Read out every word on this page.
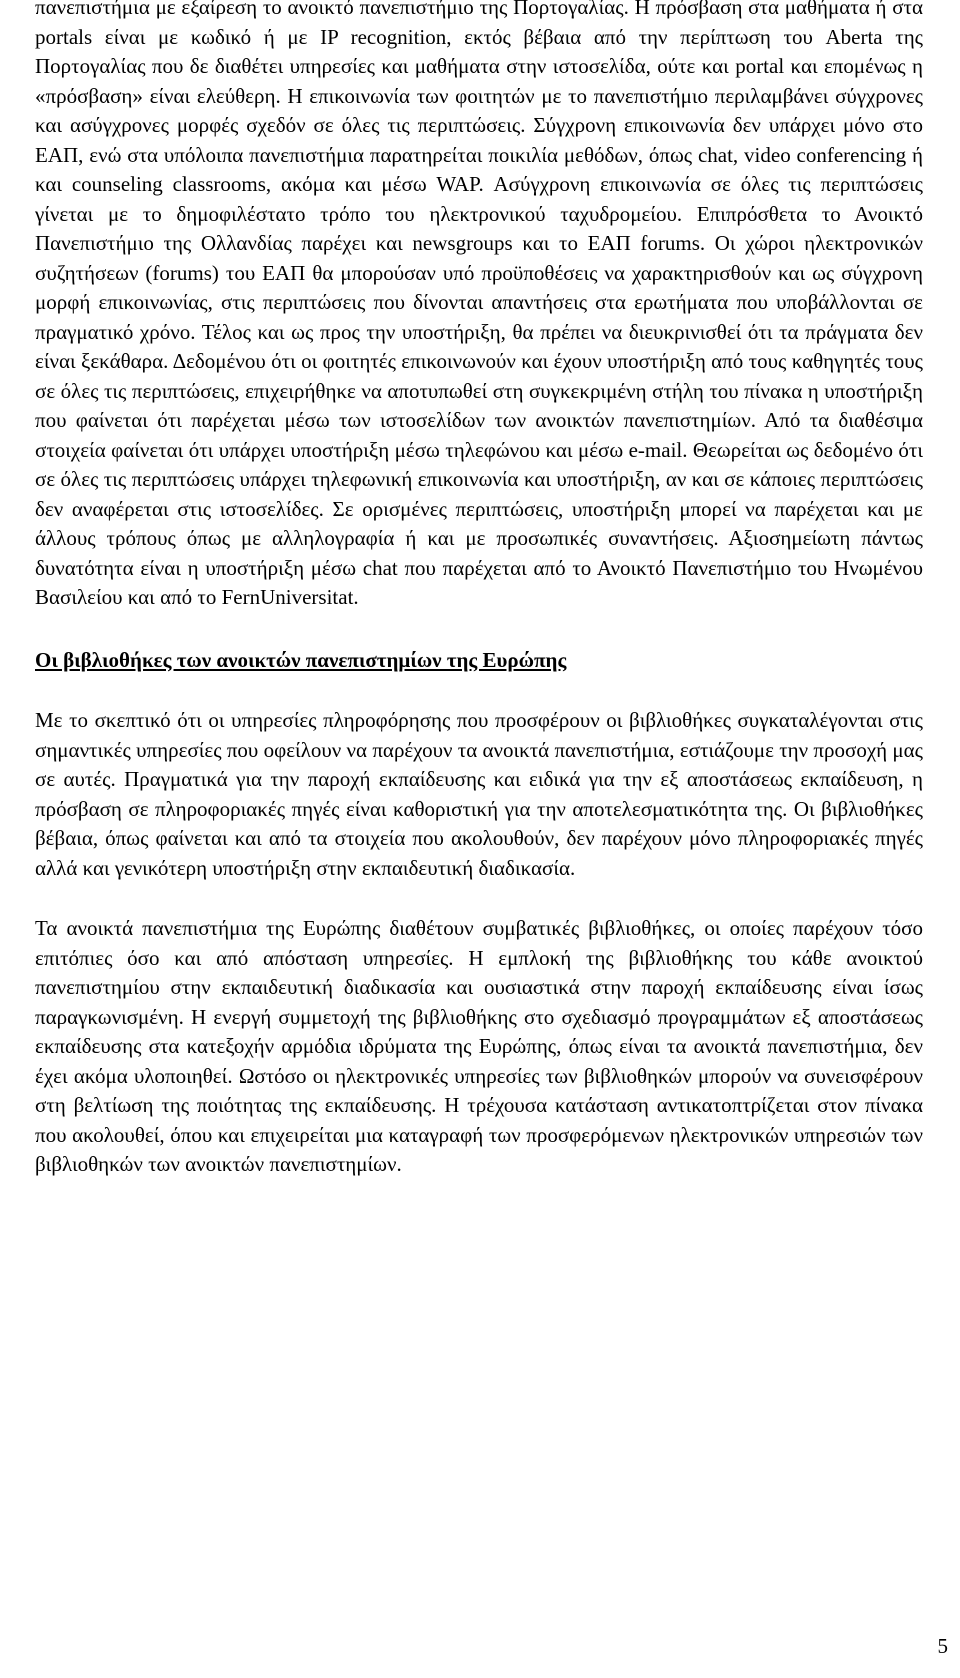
πανεπιστήμια με εξαίρεση το ανοικτό πανεπιστήμιο της Πορτογαλίας. Η πρόσβαση στα μαθήματα ή στα portals είναι με κωδικό ή με IP recognition, εκτός βέβαια από την περίπτωση του Aberta της Πορτογαλίας που δε διαθέτει υπηρεσίες και μαθήματα στην ιστοσελίδα, ούτε και portal και επομένως η «πρόσβαση» είναι ελεύθερη. Η επικοινωνία των φοιτητών με το πανεπιστήμιο περιλαμβάνει σύγχρονες και ασύγχρονες μορφές σχεδόν σε όλες τις περιπτώσεις. Σύγχρονη επικοινωνία δεν υπάρχει μόνο στο ΕΑΠ, ενώ στα υπόλοιπα πανεπιστήμια παρατηρείται ποικιλία μεθόδων, όπως chat, video conferencing ή και counseling classrooms, ακόμα και μέσω WAP. Ασύγχρονη επικοινωνία σε όλες τις περιπτώσεις γίνεται με το δημοφιλέστατο τρόπο του ηλεκτρονικού ταχυδρομείου. Επιπρόσθετα το Ανοικτό Πανεπιστήμιο της Ολλανδίας παρέχει και newsgroups και το ΕΑΠ forums. Οι χώροι ηλεκτρονικών συζητήσεων (forums) του ΕΑΠ θα μπορούσαν υπό προϋποθέσεις να χαρακτηρισθούν και ως σύγχρονη μορφή επικοινωνίας, στις περιπτώσεις που δίνονται απαντήσεις στα ερωτήματα που υποβάλλονται σε πραγματικό χρόνο. Τέλος και ως προς την υποστήριξη, θα πρέπει να διευκρινισθεί ότι τα πράγματα δεν είναι ξεκάθαρα. Δεδομένου ότι οι φοιτητές επικοινωνούν και έχουν υποστήριξη από τους καθηγητές τους σε όλες τις περιπτώσεις, επιχειρήθηκε να αποτυπωθεί στη συγκεκριμένη στήλη του πίνακα η υποστήριξη που φαίνεται ότι παρέχεται μέσω των ιστοσελίδων των ανοικτών πανεπιστημίων. Από τα διαθέσιμα στοιχεία φαίνεται ότι υπάρχει υποστήριξη μέσω τηλεφώνου και μέσω e-mail. Θεωρείται ως δεδομένο ότι σε όλες τις περιπτώσεις υπάρχει τηλεφωνική επικοινωνία και υποστήριξη, αν και σε κάποιες περιπτώσεις δεν αναφέρεται στις ιστοσελίδες. Σε ορισμένες περιπτώσεις, υποστήριξη μπορεί να παρέχεται και με άλλους τρόπους όπως με αλληλογραφία ή και με προσωπικές συναντήσεις. Αξιοσημείωτη πάντως δυνατότητα είναι η υποστήριξη μέσω chat που παρέχεται από το Ανοικτό Πανεπιστήμιο του Ηνωμένου Βασιλείου και από το FernUniversitat.

Οι βιβλιοθήκες των ανοικτών πανεπιστημίων της Ευρώπης

Με το σκεπτικό ότι οι υπηρεσίες πληροφόρησης που προσφέρουν οι βιβλιοθήκες συγκαταλέγονται στις σημαντικές υπηρεσίες που οφείλουν να παρέχουν τα ανοικτά πανεπιστήμια, εστιάζουμε την προσοχή μας σε αυτές. Πραγματικά για την παροχή εκπαίδευσης και ειδικά για την εξ αποστάσεως εκπαίδευση, η πρόσβαση σε πληροφοριακές πηγές είναι καθοριστική για την αποτελεσματικότητα της. Οι βιβλιοθήκες βέβαια, όπως φαίνεται και από τα στοιχεία που ακολουθούν, δεν παρέχουν μόνο πληροφοριακές πηγές αλλά και γενικότερη υποστήριξη στην εκπαιδευτική διαδικασία.

Τα ανοικτά πανεπιστήμια της Ευρώπης διαθέτουν συμβατικές βιβλιοθήκες, οι οποίες παρέχουν τόσο επιτόπιες όσο και από απόσταση υπηρεσίες. Η εμπλοκή της βιβλιοθήκης του κάθε ανοικτού πανεπιστημίου στην εκπαιδευτική διαδικασία και ουσιαστικά στην παροχή εκπαίδευσης είναι ίσως παραγκωνισμένη. Η ενεργή συμμετοχή της βιβλιοθήκης στο σχεδιασμό προγραμμάτων εξ αποστάσεως εκπαίδευσης στα κατεξοχήν αρμόδια ιδρύματα της Ευρώπης, όπως είναι τα ανοικτά πανεπιστήμια, δεν έχει ακόμα υλοποιηθεί. Ωστόσο οι ηλεκτρονικές υπηρεσίες των βιβλιοθηκών μπορούν να συνεισφέρουν στη βελτίωση της ποιότητας της εκπαίδευσης. Η τρέχουσα κατάσταση αντικατοπτρίζεται στον πίνακα που ακολουθεί, όπου και επιχειρείται μια καταγραφή των προσφερόμενων ηλεκτρονικών υπηρεσιών των βιβλιοθηκών των ανοικτών πανεπιστημίων.

5
